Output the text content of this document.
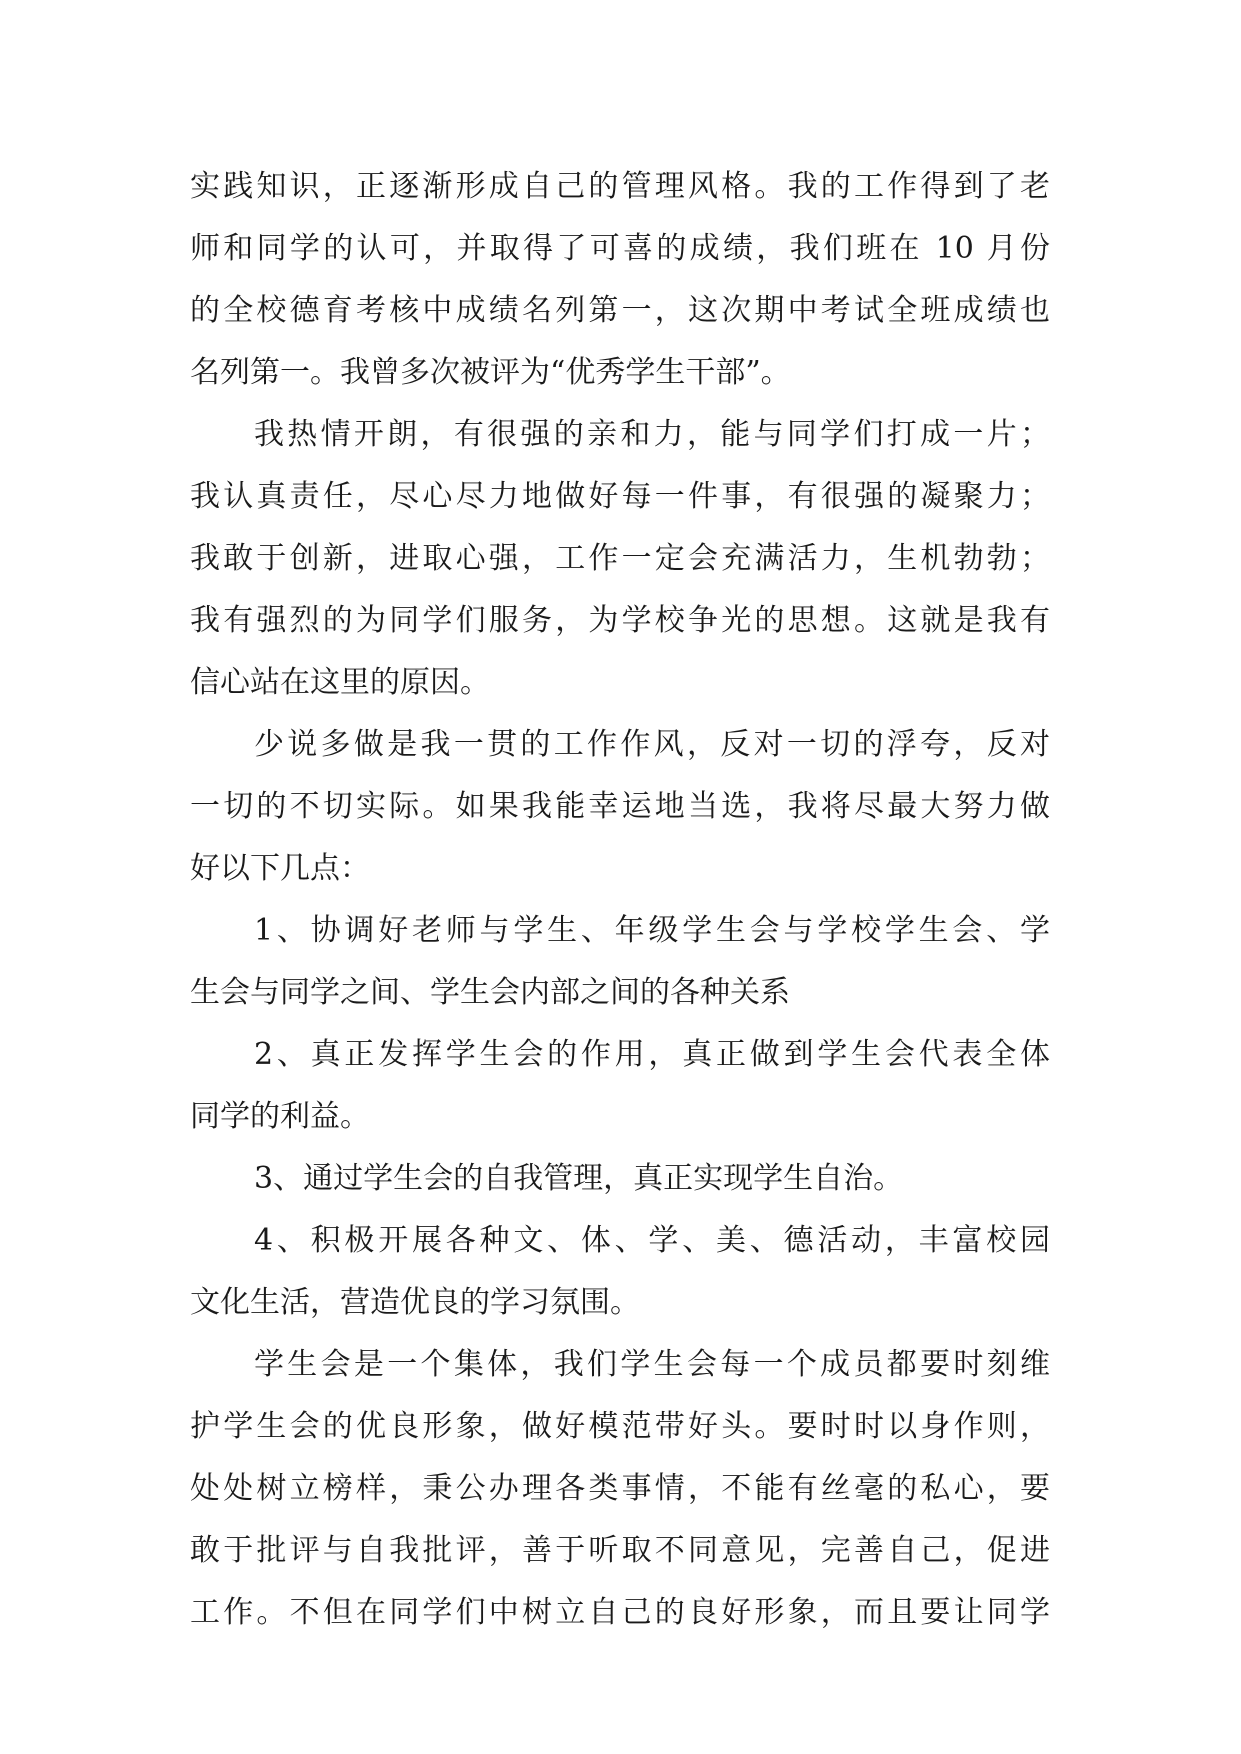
实践知识，正逐渐形成自己的管理风格。我的工作得到了老
师和同学的认可，并取得了可喜的成绩，我们班在 10 月份
的全校德育考核中成绩名列第一，这次期中考试全班成绩也
名列第一。我曾多次被评为“优秀学生干部”。
我热情开朗，有很强的亲和力，能与同学们打成一片；
我认真责任，尽心尽力地做好每一件事，有很强的凝聚力；
我敢于创新，进取心强，工作一定会充满活力，生机勃勃；
我有强烈的为同学们服务，为学校争光的思想。这就是我有
信心站在这里的原因。
少说多做是我一贯的工作作风，反对一切的浮夸，反对
一切的不切实际。如果我能幸运地当选，我将尽最大努力做
好以下几点：
1、协调好老师与学生、年级学生会与学校学生会、学
生会与同学之间、学生会内部之间的各种关系
2、真正发挥学生会的作用，真正做到学生会代表全体
同学的利益。
3、通过学生会的自我管理，真正实现学生自治。
4、积极开展各种文、体、学、美、德活动，丰富校园
文化生活，营造优良的学习氛围。
学生会是一个集体，我们学生会每一个成员都要时刻维
护学生会的优良形象，做好模范带好头。要时时以身作则，
处处树立榜样，秉公办理各类事情，不能有丝毫的私心，要
敢于批评与自我批评，善于听取不同意见，完善自己，促进
工作。不但在同学们中树立自己的良好形象，而且要让同学
